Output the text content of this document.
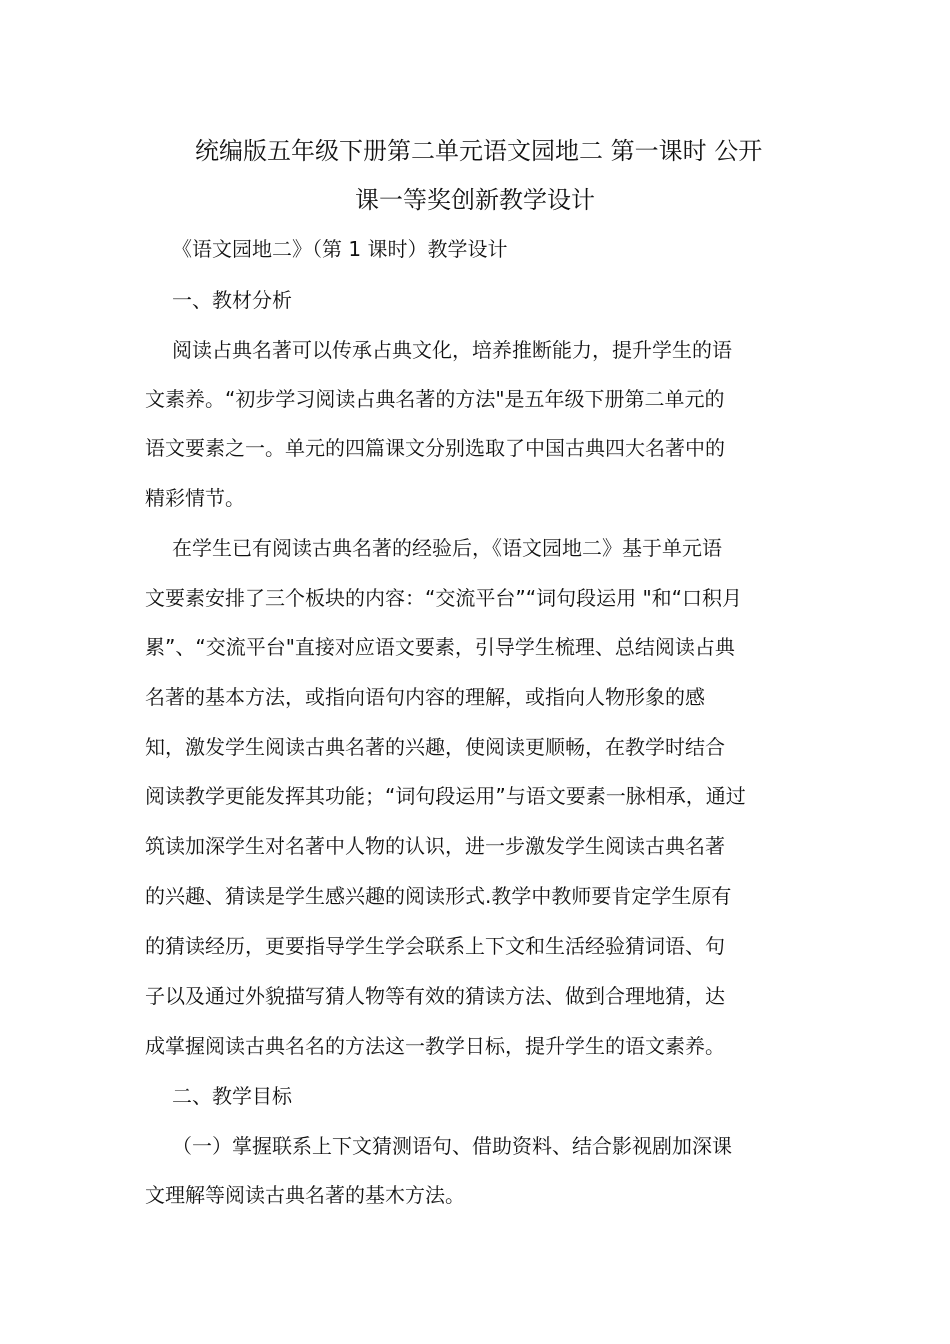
统编版五年级下册第二单元语文园地二 第一课时 公开
课一等奖创新教学设计
《语文园地二》（第 1 课时）教学设计
一、教材分析
阅读占典名著可以传承占典文化，培养推断能力，提升学生的语
文素养。“初步学习阅读占典名著的方法"是五年级下册第二单元的
语文要素之一。单元的四篇课文分别选取了中国古典四大名著中的
精彩情节。
在学生已有阅读古典名著的经验后，《语文园地二》基于单元语
文要素安排了三个板块的内容：“交流平台”“词句段运用 "和“口积月
累”、“交流平台"直接对应语文要素，引导学生梳理、总结阅读占典
名著的基本方法，或指向语句内容的理解，或指向人物形象的感
知，激发学生阅读古典名著的兴趣，使阅读更顺畅，在教学时结合
阅读教学更能发挥其功能；“词句段运用”与语文要素一脉相承，通过
筑读加深学生对名著中人物的认识，进一步激发学生阅读古典名著
的兴趣、猜读是学生感兴趣的阅读形式.教学中教师要肯定学生原有
的猜读经历，更要指导学生学会联系上下文和生活经验猜词语、句
子以及通过外貌描写猜人物等有效的猜读方法、做到合理地猜，达
成掌握阅读古典名名的方法这一教学日标，提升学生的语文素养。
二、教学目标
（一）掌握联系上下文猜测语句、借助资料、结合影视剧加深课
文理解等阅读古典名著的基木方法。
